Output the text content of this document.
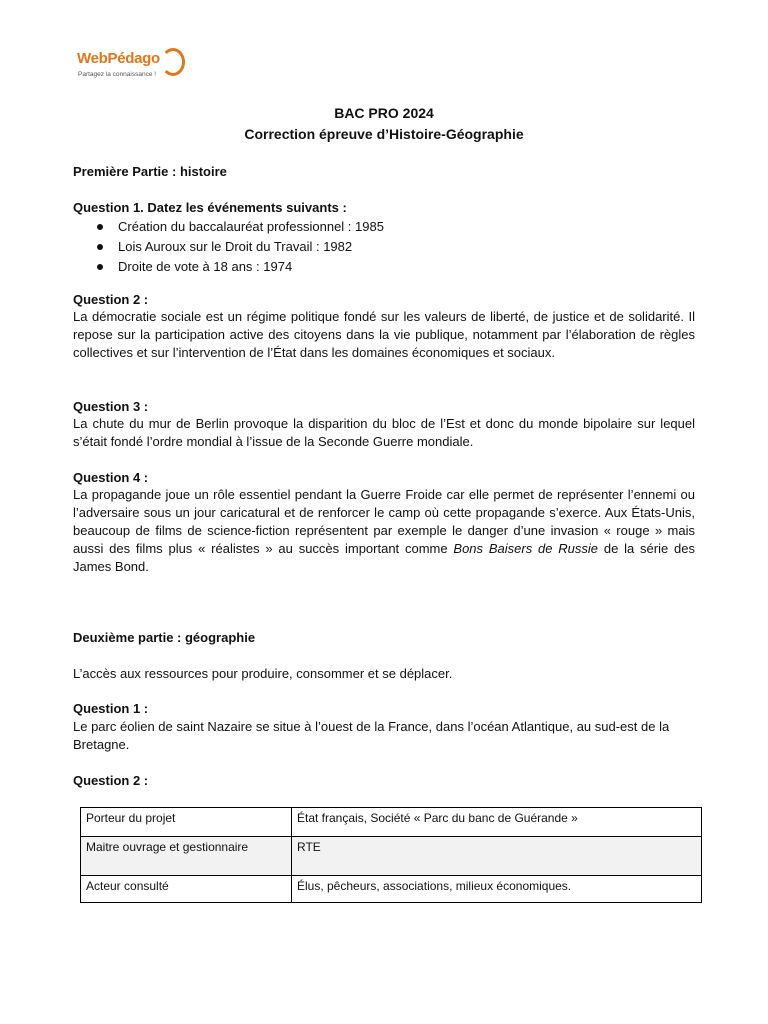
WebPédago
Partagez la connaissance !
BAC PRO 2024
Correction épreuve d’Histoire-Géographie
Première Partie : histoire
Question 1. Datez les événements suivants :
Création du baccalauréat professionnel : 1985
Lois Auroux sur le Droit du Travail : 1982
Droite de vote à 18 ans : 1974
Question 2 :
La démocratie sociale est un régime politique fondé sur les valeurs de liberté, de justice et de solidarité. Il repose sur la participation active des citoyens dans la vie publique, notamment par l’élaboration de règles collectives et sur l’intervention de l’État dans les domaines économiques et sociaux.
Question 3 :
La chute du mur de Berlin provoque la disparition du bloc de l’Est et donc du monde bipolaire sur lequel s’était fondé l’ordre mondial à l’issue de la Seconde Guerre mondiale.
Question 4 :
La propagande joue un rôle essentiel pendant la Guerre Froide car elle permet de représenter l’ennemi ou l’adversaire sous un jour caricatural et de renforcer le camp où cette propagande s’exerce. Aux États-Unis, beaucoup de films de science-fiction représentent par exemple le danger d’une invasion « rouge » mais aussi des films plus « réalistes » au succès important comme Bons Baisers de Russie de la série des James Bond.
Deuxième partie : géographie
L’accès aux ressources pour produire, consommer et se déplacer.
Question 1 :
Le parc éolien de saint Nazaire se situe à l’ouest de la France, dans l’océan Atlantique, au sud-est de la Bretagne.
Question 2 :
Porteur du projet	État français, Société « Parc du banc de Guérande »
Maitre ouvrage et gestionnaire	RTE
Acteur consulté	Élus, pêcheurs, associations, milieux économiques.
